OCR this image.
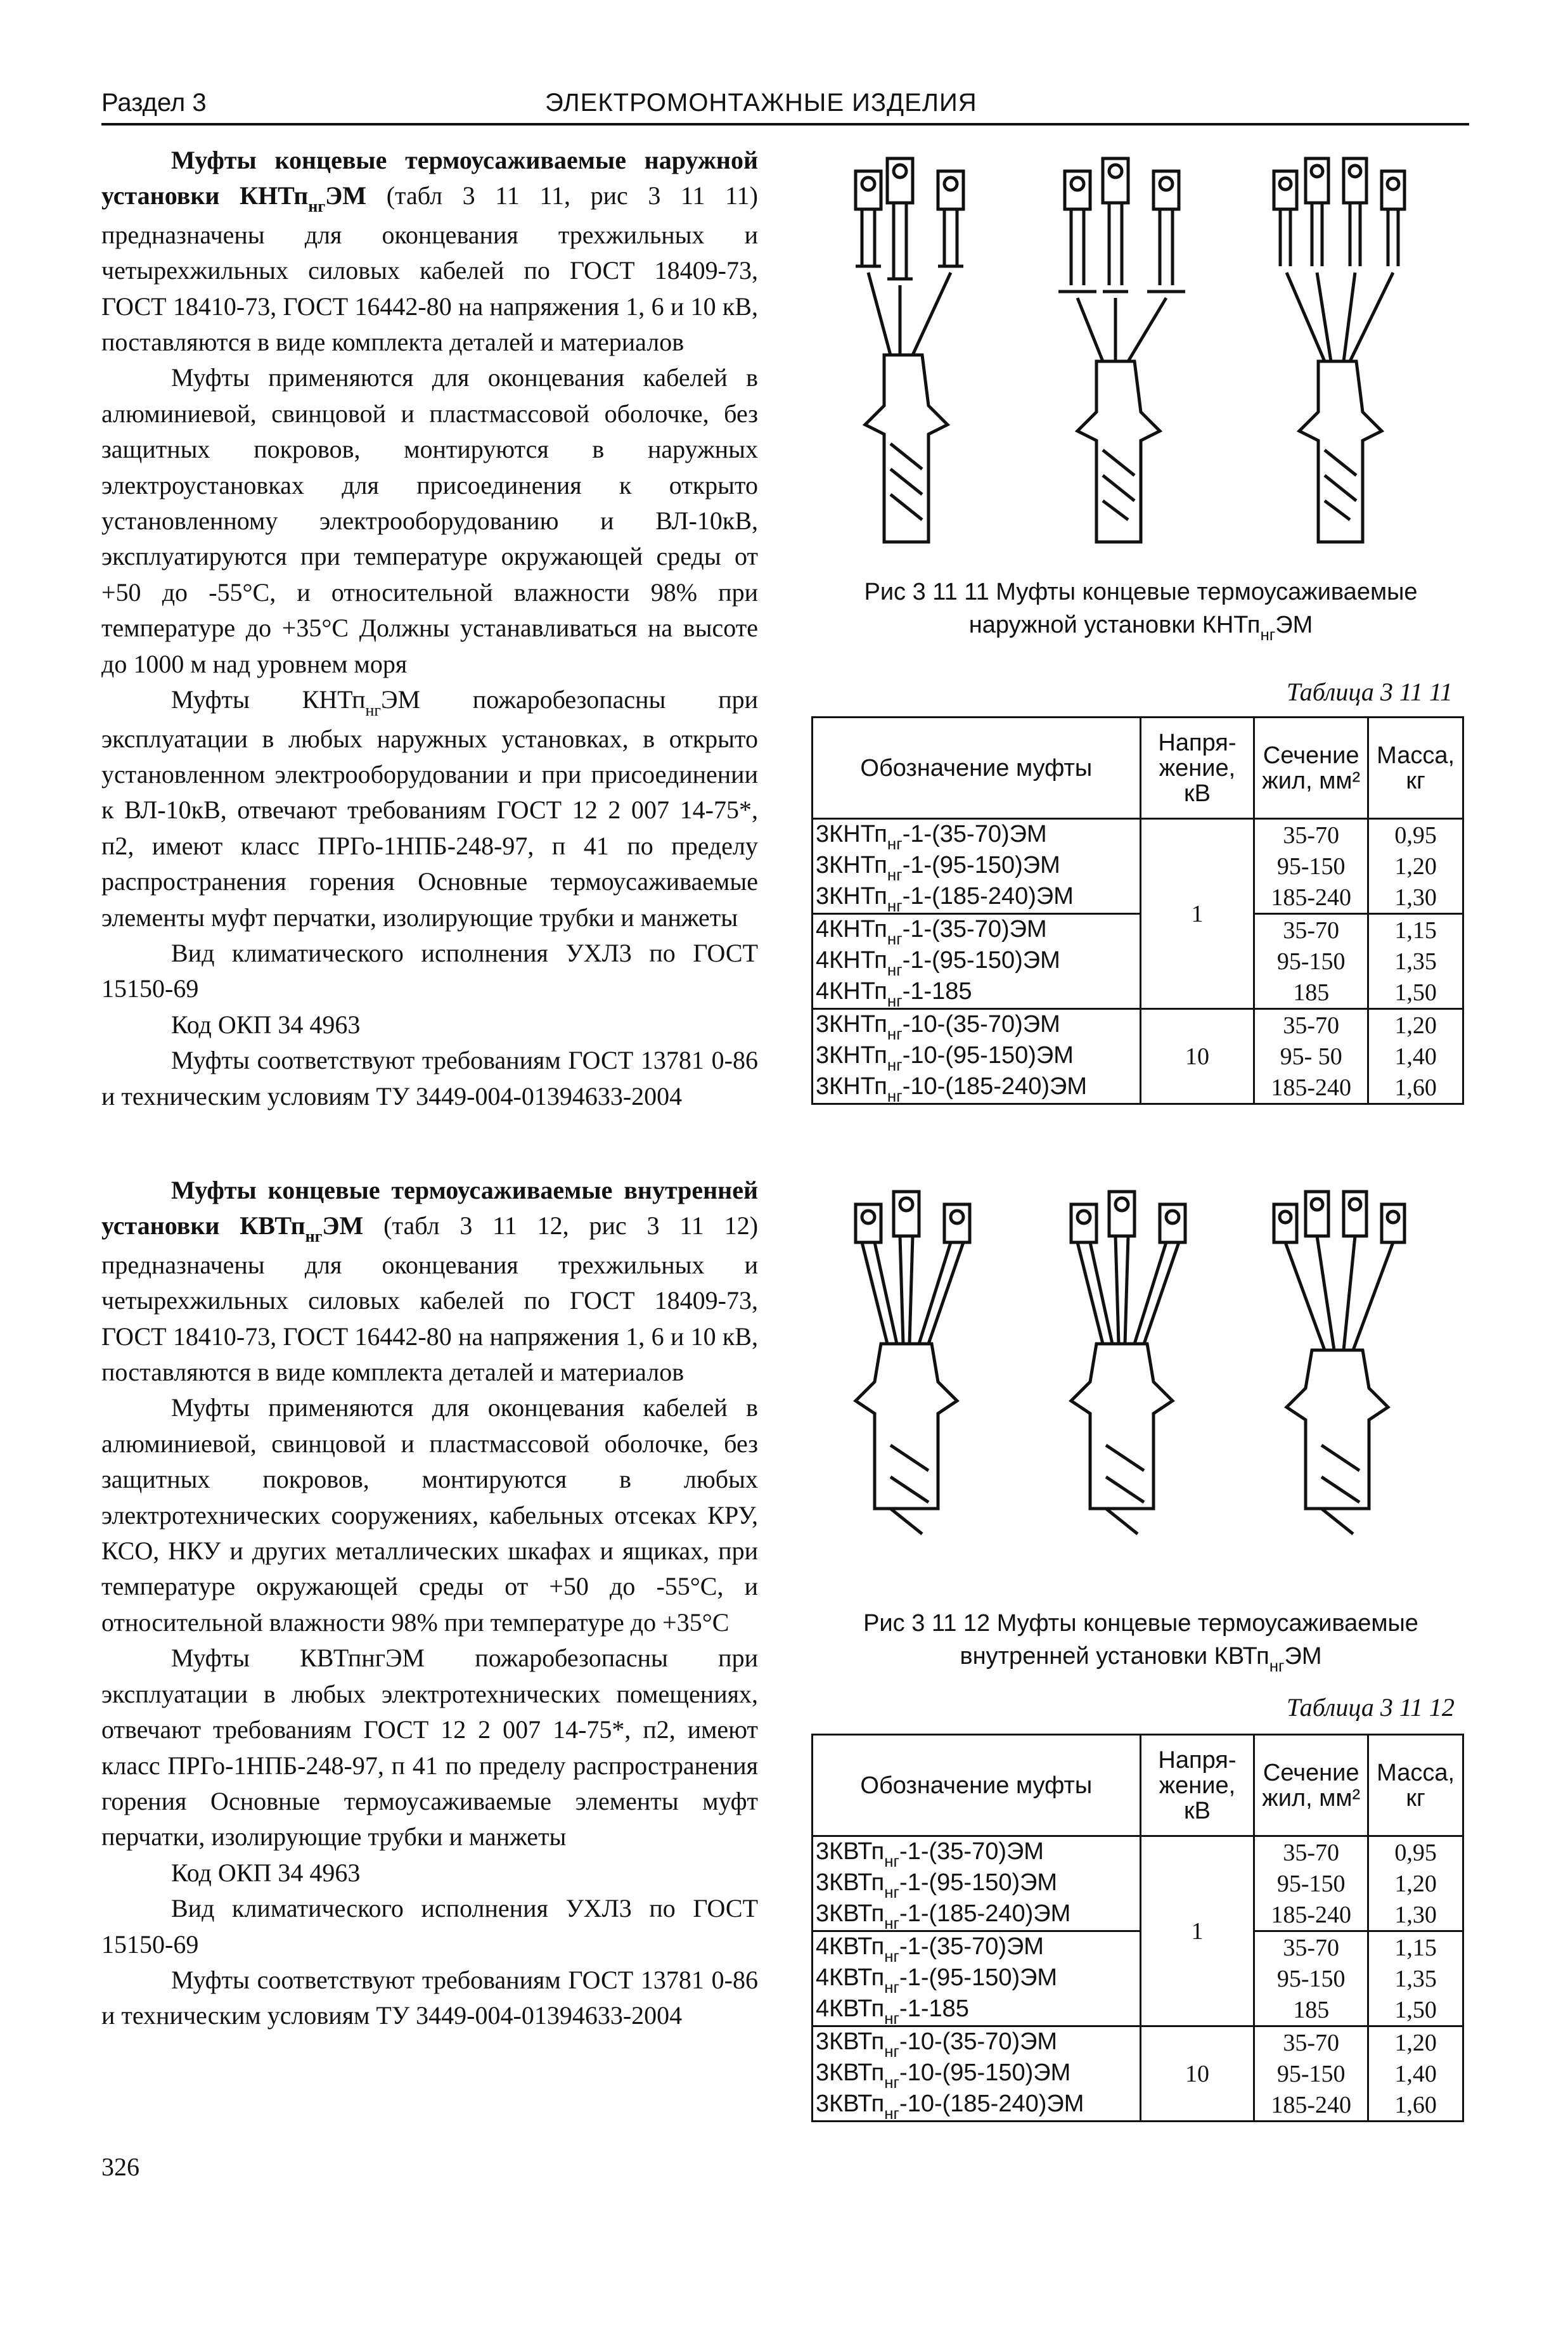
Раздел 3	ЭЛЕКТРОМОНТАЖНЫЕ ИЗДЕЛИЯ

Муфты концевые термоусаживаемые наружной установки КНТп$_{нг}$ЭМ (табл 3 11 11, рис 3 11 11) предназначены для оконцевания трехжильных и четырехжильных силовых кабелей по ГОСТ 18409-73, ГОСТ 18410-73, ГОСТ 16442-80 на напряжения 1, 6 и 10 кВ, поставляются в виде комплекта деталей и материалов

Муфты применяются для оконцевания кабелей в алюминиевой, свинцовой и пластмассовой оболочке, без защитных покровов, монтируются в наружных электроустановках для присоединения к открыто установленному электрооборудованию и ВЛ-10кВ, эксплуатируются при температуре окружающей среды от +50 до -55°С, и относительной влажности 98% при температуре до +35°С Должны устанавливаться на высоте до 1000 м над уровнем моря

Муфты КНТп$_{нг}$ЭМ пожаробезопасны при эксплуатации в любых наружных установках, в открыто установленном электрооборудовании и при присоединении к ВЛ-10кВ, отвечают требованиям ГОСТ 12 2 007 14-75*, п2, имеют класс ПРГо-1НПБ-248-97, п 41 по пределу распространения горения Основные термоусаживаемые элементы муфт перчатки, изолирующие трубки и манжеты

Вид климатического исполнения УХЛ3 по ГОСТ 15150-69

Код ОКП 34 4963

Муфты соответствуют требованиям ГОСТ 13781 0-86 и техническим условиям ТУ 3449-004-01394633-2004

Муфты концевые термоусаживаемые внутренней установки КВТп$_{нг}$ЭМ (табл 3 11 12, рис 3 11 12) предназначены для оконцевания трехжильных и четырехжильных силовых кабелей по ГОСТ 18409-73, ГОСТ 18410-73, ГОСТ 16442-80 на напряжения 1, 6 и 10 кВ, поставляются в виде комплекта деталей и материалов

Муфты применяются для оконцевания кабелей в алюминиевой, свинцовой и пластмассовой оболочке, без защитных покровов, монтируются в любых электротехнических сооружениях, кабельных отсеках КРУ, КСО, НКУ и других металлических шкафах и ящиках, при температуре окружающей среды от +50 до -55°С, и относительной влажности 98% при температуре до +35°С

Муфты КВТпнгЭМ пожаробезопасны при эксплуатации в любых электротехнических помещениях, отвечают требованиям ГОСТ 12 2 007 14-75*, п2, имеют класс ПРГо-1НПБ-248-97, п 41 по пределу распространения горения Основные термоусаживаемые элементы муфт перчатки, изолирующие трубки и манжеты

Код ОКП 34 4963

Вид климатического исполнения УХЛ3 по ГОСТ 15150-69

Муфты соответствуют требованиям ГОСТ 13781 0-86 и техническим условиям ТУ 3449-004-01394633-2004

Рис 3 11 11 Муфты концевые термоусаживаемые
наружной установки КНТп$_{нг}$ЭМ
Таблица 3 11 11
Обозначение муфты	Напря-жение, кВ	Сечение жил, мм²	Масса, кг
3КНТп$_{нг}$-1-(35-70)ЭМ	1	35-70	0,95
3КНТп$_{нг}$-1-(95-150)ЭМ		95-150	1,20
3КНТп$_{нг}$-1-(185-240)ЭМ		185-240	1,30
4КНТп$_{нг}$-1-(35-70)ЭМ		35-70	1,15
4КНТп$_{нг}$-1-(95-150)ЭМ		95-150	1,35
4КНТп$_{нг}$-1-185		185	1,50
3КНТп$_{нг}$-10-(35-70)ЭМ	10	35-70	1,20
3КНТп$_{нг}$-10-(95-150)ЭМ		95- 50	1,40
3КНТп$_{нг}$-10-(185-240)ЭМ		185-240	1,60
Рис 3 11 12 Муфты концевые термоусаживаемые
внутренней установки КВТп$_{нг}$ЭМ
Таблица 3 11 12
Обозначение муфты	Напря-жение, кВ	Сечение жил, мм²	Масса, кг
3КВТп$_{нг}$-1-(35-70)ЭМ	1	35-70	0,95
3КВТп$_{нг}$-1-(95-150)ЭМ		95-150	1,20
3КВТп$_{нг}$-1-(185-240)ЭМ		185-240	1,30
4КВТп$_{нг}$-1-(35-70)ЭМ		35-70	1,15
4КВТп$_{нг}$-1-(95-150)ЭМ		95-150	1,35
4КВТп$_{нг}$-1-185		185	1,50
3КВТп$_{нг}$-10-(35-70)ЭМ	10	35-70	1,20
3КВТп$_{нг}$-10-(95-150)ЭМ		95-150	1,40
3КВТп$_{нг}$-10-(185-240)ЭМ		185-240	1,60
326
